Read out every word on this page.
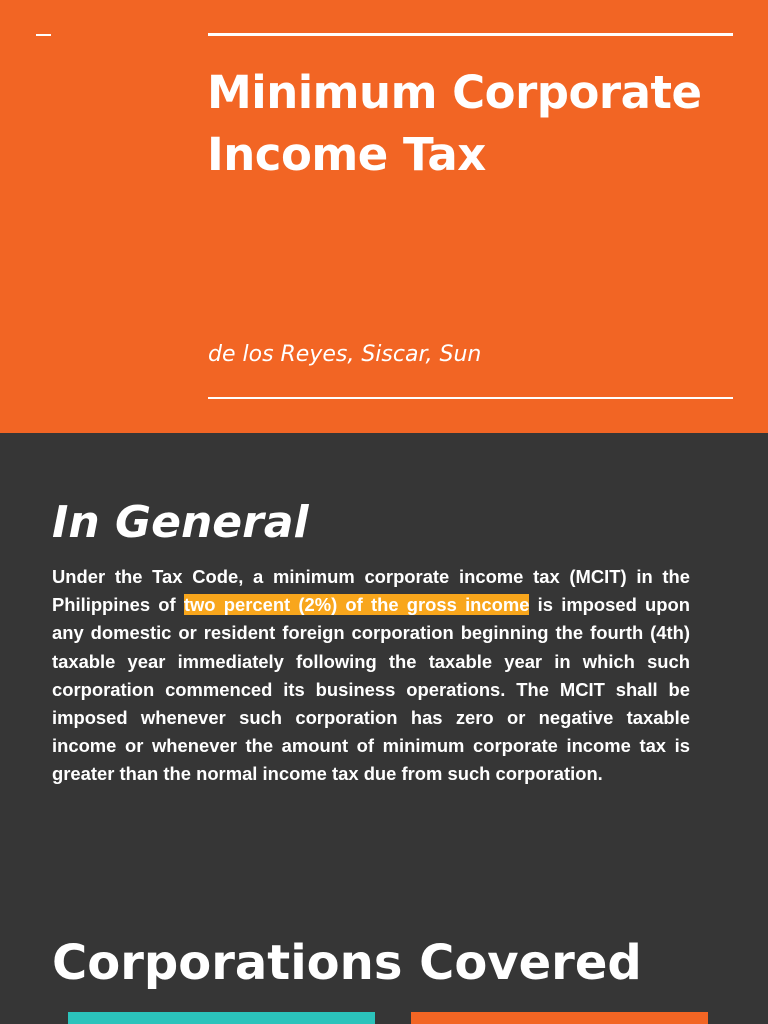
Minimum Corporate Income Tax

de los Reyes, Siscar, Sun

In General

Under the Tax Code, a minimum corporate income tax (MCIT) in the Philippines of two percent (2%) of the gross income is imposed upon any domestic or resident foreign corporation beginning the fourth (4th) taxable year immediately following the taxable year in which such corporation commenced its business operations. The MCIT shall be imposed whenever such corporation has zero or negative taxable income or whenever the amount of minimum corporate income tax is greater than the normal income tax due from such corporation.

Corporations Covered
